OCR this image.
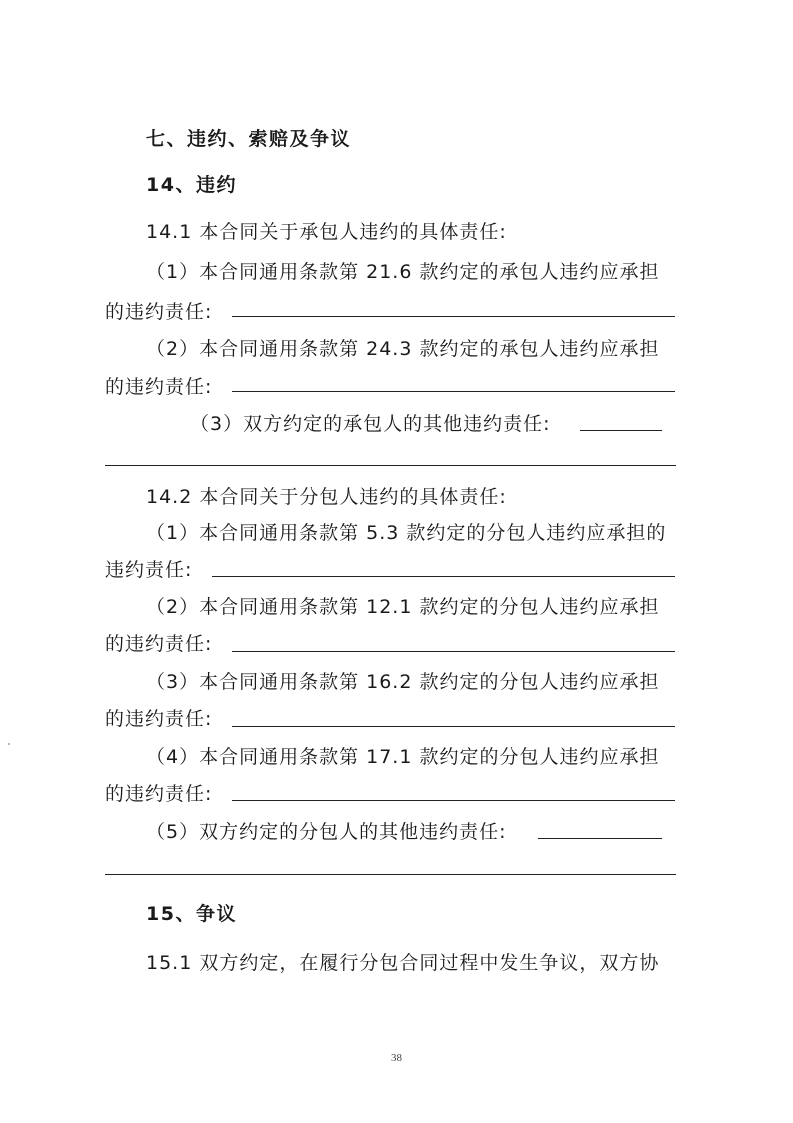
七、违约、索赔及争议
14、违约
14.1 本合同关于承包人违约的具体责任:
（1）本合同通用条款第 21.6 款约定的承包人违约应承担
的违约责任:
（2）本合同通用条款第 24.3 款约定的承包人违约应承担
的违约责任:
（3）双方约定的承包人的其他违约责任:
14.2 本合同关于分包人违约的具体责任:
（1）本合同通用条款第 5.3 款约定的分包人违约应承担的
违约责任:
（2）本合同通用条款第 12.1 款约定的分包人违约应承担
的违约责任:
（3）本合同通用条款第 16.2 款约定的分包人违约应承担
的违约责任:
（4）本合同通用条款第 17.1 款约定的分包人违约应承担
的违约责任:
（5）双方约定的分包人的其他违约责任:
15、争议
15.1 双方约定，在履行分包合同过程中发生争议，双方协
38
